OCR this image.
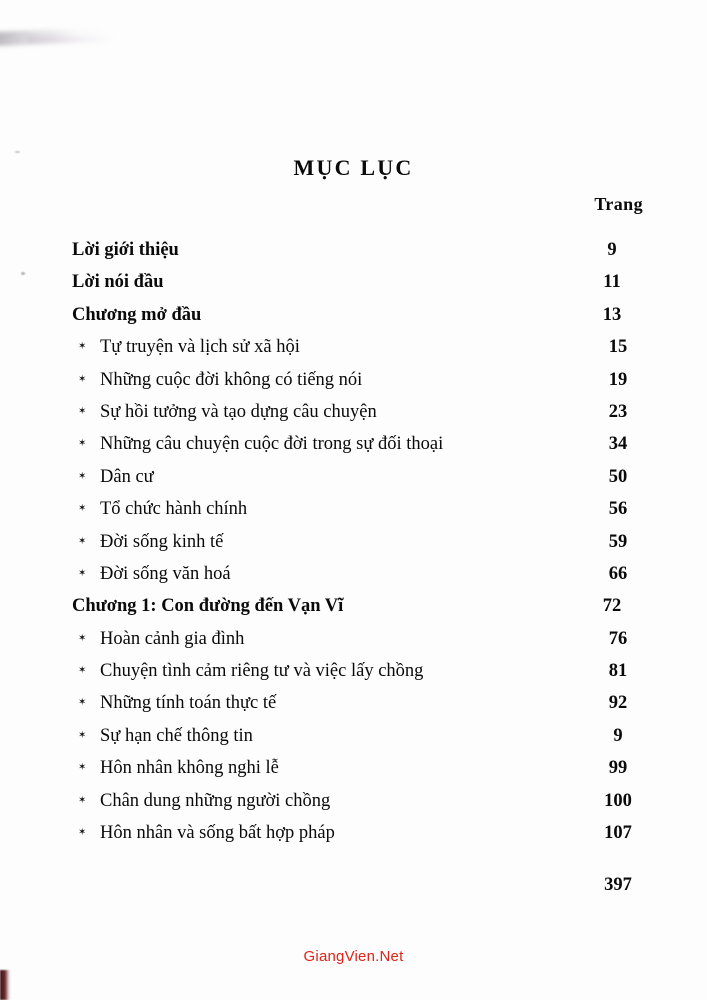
MỤC LỤC
Trang
Lời giới thiệu	9
Lời nói đầu	11
Chương mở đầu	13
✶
Tự truyện và lịch sử xã hội	15
✶
Những cuộc đời không có tiếng nói	19
✶
Sự hồi tưởng và tạo dựng câu chuyện	23
✶
Những câu chuyện cuộc đời trong sự đối thoại	34
✶
Dân cư	50
✶
Tổ chức hành chính	56
✶
Đời sống kinh tế	59
✶
Đời sống văn hoá	66
Chương 1: Con đường đến Vạn Vĩ	72
✶
Hoàn cảnh gia đình	76
✶
Chuyện tình cảm riêng tư và việc lấy chồng	81
✶
Những tính toán thực tế	92
✶
Sự hạn chế thông tin	9
✶
Hôn nhân không nghi lễ	99
✶
Chân dung những người chồng	100
✶
Hôn nhân và sống bất hợp pháp	107
397
GiangVien.Net
